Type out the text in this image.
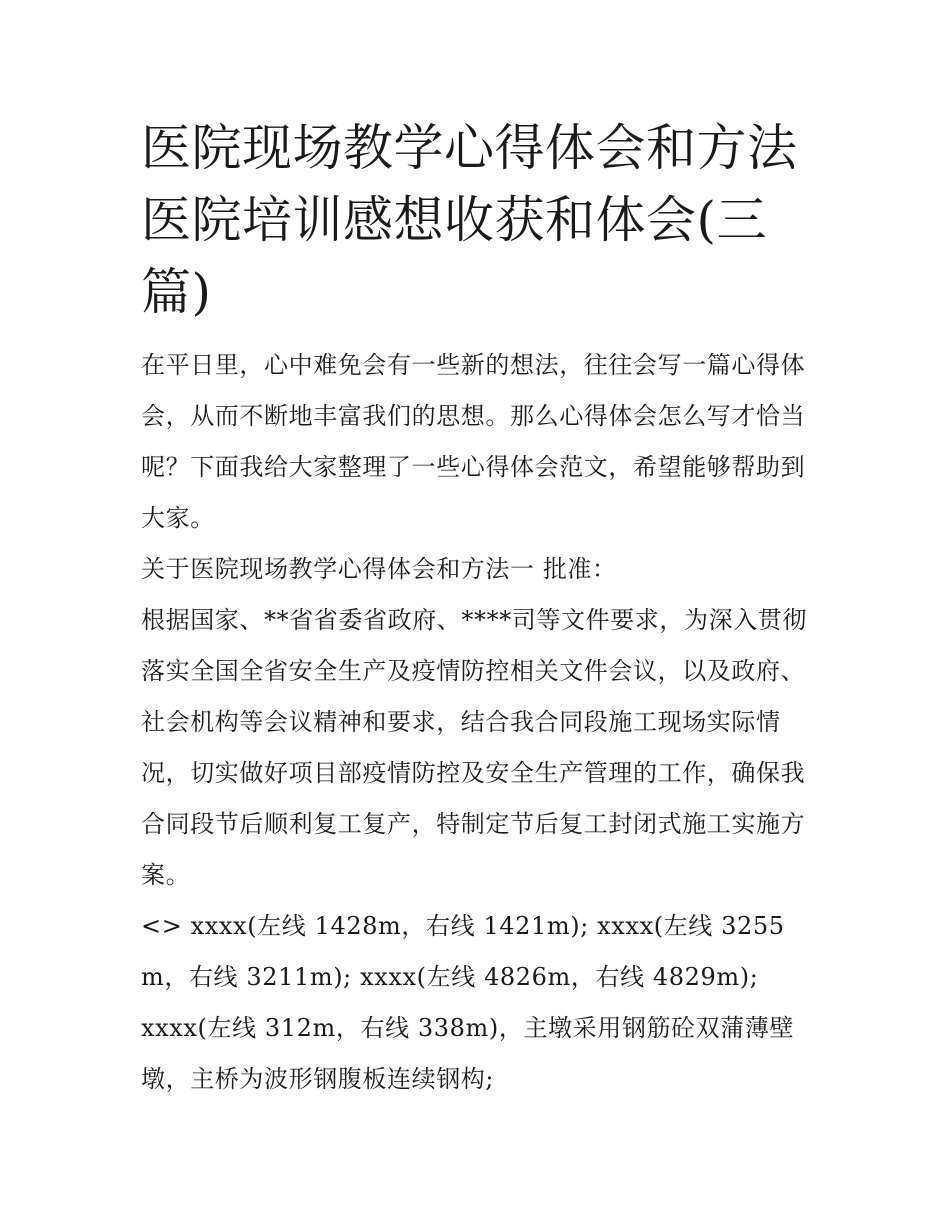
医院现场教学心得体会和方法医院培训感想收获和体会(三篇)

在平日里，心中难免会有一些新的想法，往往会写一篇心得体会，从而不断地丰富我们的思想。那么心得体会怎么写才恰当呢？下面我给大家整理了一些心得体会范文，希望能够帮助到大家。

关于医院现场教学心得体会和方法一 批准：

根据国家、**省省委省政府、****司等文件要求，为深入贯彻落实全国全省安全生产及疫情防控相关文件会议，以及政府、社会机构等会议精神和要求，结合我合同段施工现场实际情况，切实做好项目部疫情防控及安全生产管理的工作，确保我合同段节后顺利复工复产，特制定节后复工封闭式施工实施方案。

<> xxxx(左线 1428m，右线 1421m); xxxx(左线 3255m，右线 3211m); xxxx(左线 4826m，右线 4829m);

xxxx(左线 312m，右线 338m)，主墩采用钢筋砼双蒲薄壁墩，主桥为波形钢腹板连续钢构;
